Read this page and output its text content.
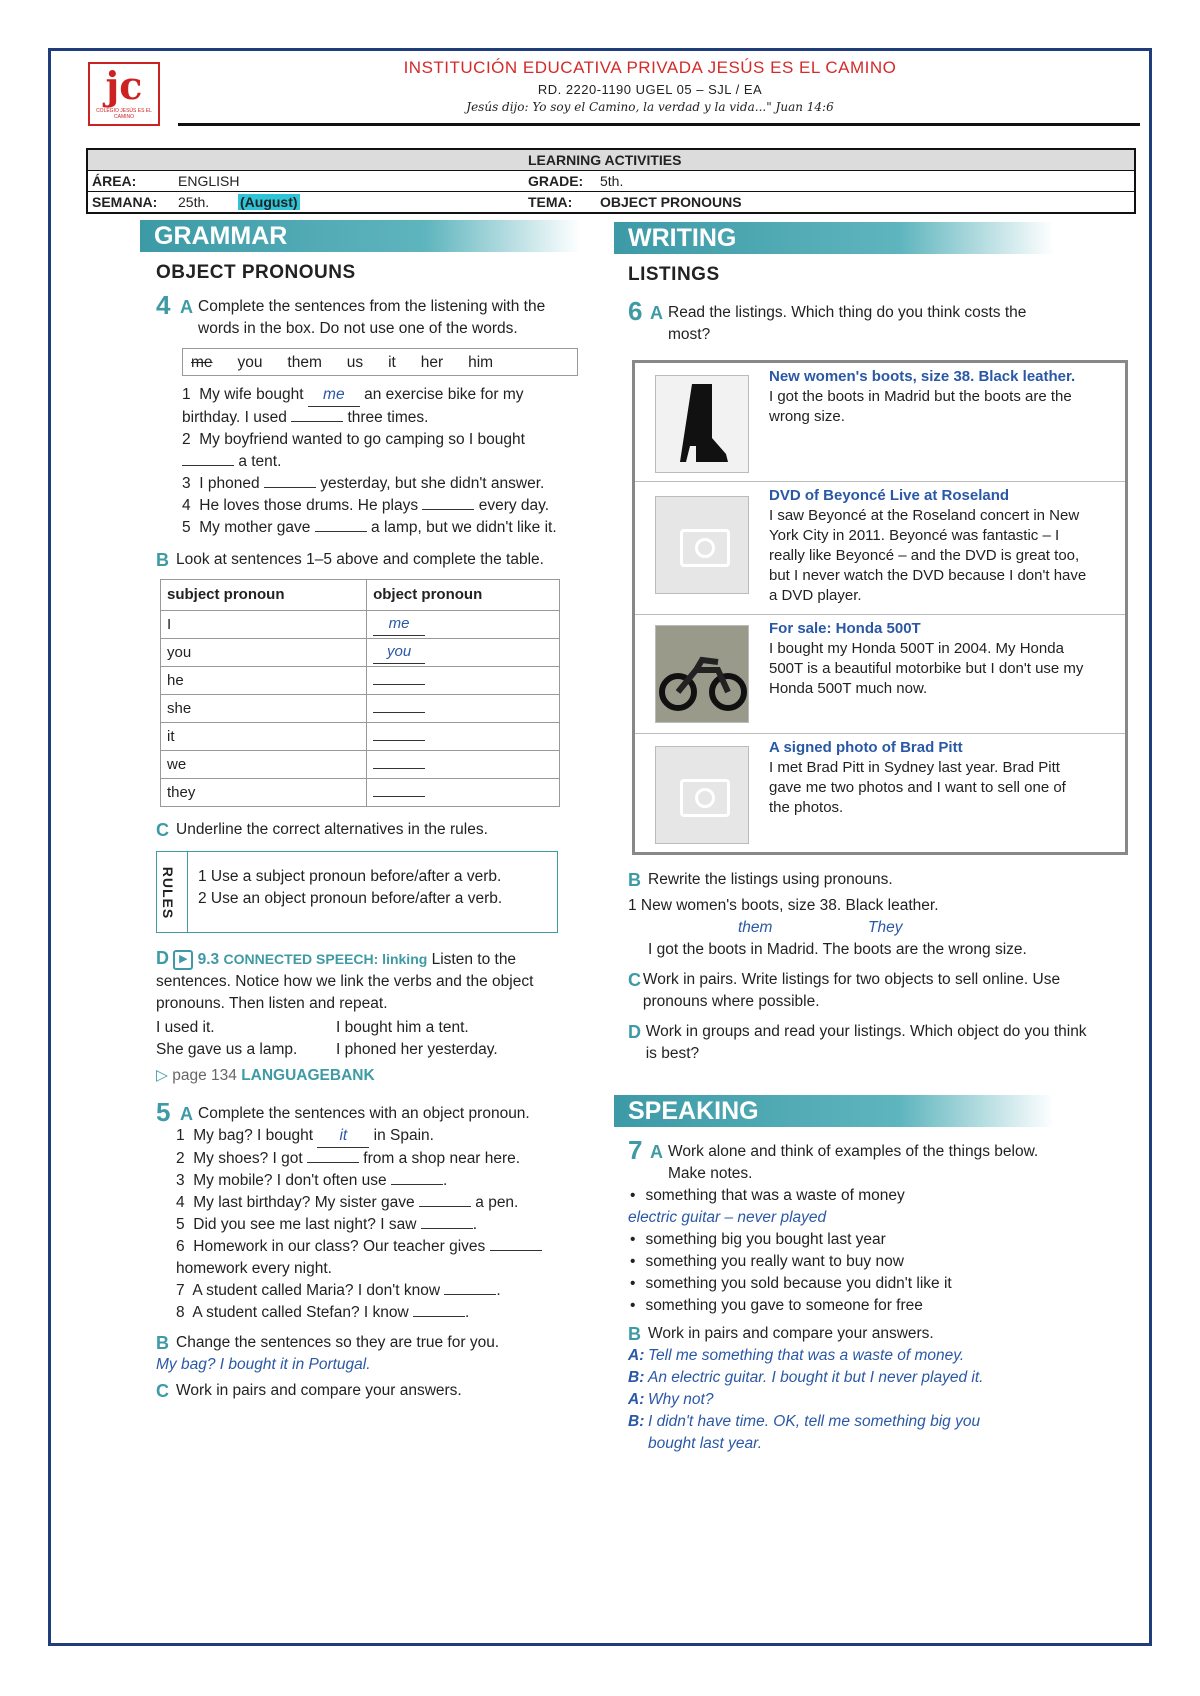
jc
COLEGIO JESÚS ES EL CAMINO
INSTITUCIÓN EDUCATIVA PRIVADA JESÚS ES EL CAMINO
RD. 2220-1190 UGEL 05 – SJL / EA
Jesús dijo: Yo soy el Camino, la verdad y la vida..." Juan 14:6
LEARNING ACTIVITIES
ÁREA:	ENGLISH	GRADE: 5th.
SEMANA: 25th. (August)	TEMA: OBJECT PRONOUNS
GRAMMAR
OBJECT PRONOUNS
4 A Complete the sentences from the listening with the words in the box. Do not use one of the words.
me you them us it her him
1 My wife bought me an exercise bike for my birthday. I used	three times.
2 My boyfriend wanted to go camping so I bought  a tent.
3 I phoned	yesterday, but she didn't answer.
4 He loves those drums. He plays	every day.
5 My mother gave	a lamp, but we didn't like it.
B Look at sentences 1–5 above and complete the table.
subject pronoun	object pronoun
I	me
you	you
he	
she	
it	
we	
they	
C Underline the correct alternatives in the rules.
RULES 1 Use a subject pronoun before/after a verb.
2 Use an object pronoun before/after a verb.
D ▶ 9.3 CONNECTED SPEECH: linking Listen to the sentences. Notice how we link the verbs and the object pronouns. Then listen and repeat.
I used it.	I bought him a tent.
She gave us a lamp.	I phoned her yesterday.
▷ page 134 LANGUAGEBANK
5 A Complete the sentences with an object pronoun.
1 My bag? I bought it in Spain.
2 My shoes? I got	from a shop near here.
3 My mobile? I don't often use	.
4 My last birthday? My sister gave	a pen.
5 Did you see me last night? I saw	.
6 Homework in our class? Our teacher gives  homework every night.
7 A student called Maria? I don't know	.
8 A student called Stefan? I know	.
B Change the sentences so they are true for you.
My bag? I bought it in Portugal.
C Work in pairs and compare your answers.
WRITING
LISTINGS
6 A Read the listings. Which thing do you think costs the most?
New women's boots, size 38. Black leather.
I got the boots in Madrid but the boots are the wrong size.
DVD of Beyoncé Live at Roseland
I saw Beyoncé at the Roseland concert in New York City in 2011. Beyoncé was fantastic – I really like Beyoncé – and the DVD is great too, but I never watch the DVD because I don't have a DVD player.
For sale: Honda 500T
I bought my Honda 500T in 2004. My Honda 500T is a beautiful motorbike but I don't use my Honda 500T much now.
A signed photo of Brad Pitt
I met Brad Pitt in Sydney last year. Brad Pitt gave me two photos and I want to sell one of the photos.
B Rewrite the listings using pronouns.
1 New women's boots, size 38. Black leather.
them	They
I got the boots in Madrid. The boots are the wrong size.
C Work in pairs. Write listings for two objects to sell online. Use pronouns where possible.
D Work in groups and read your listings. Which object do you think is best?
SPEAKING
7 A Work alone and think of examples of the things below. Make notes.
• something that was a waste of money
electric guitar – never played
• something big you bought last year
• something you really want to buy now
• something you sold because you didn't like it
• something you gave to someone for free
B Work in pairs and compare your answers.
A: Tell me something that was a waste of money.
B: An electric guitar. I bought it but I never played it.
A: Why not?
B: I didn't have time. OK, tell me something big you bought last year.
